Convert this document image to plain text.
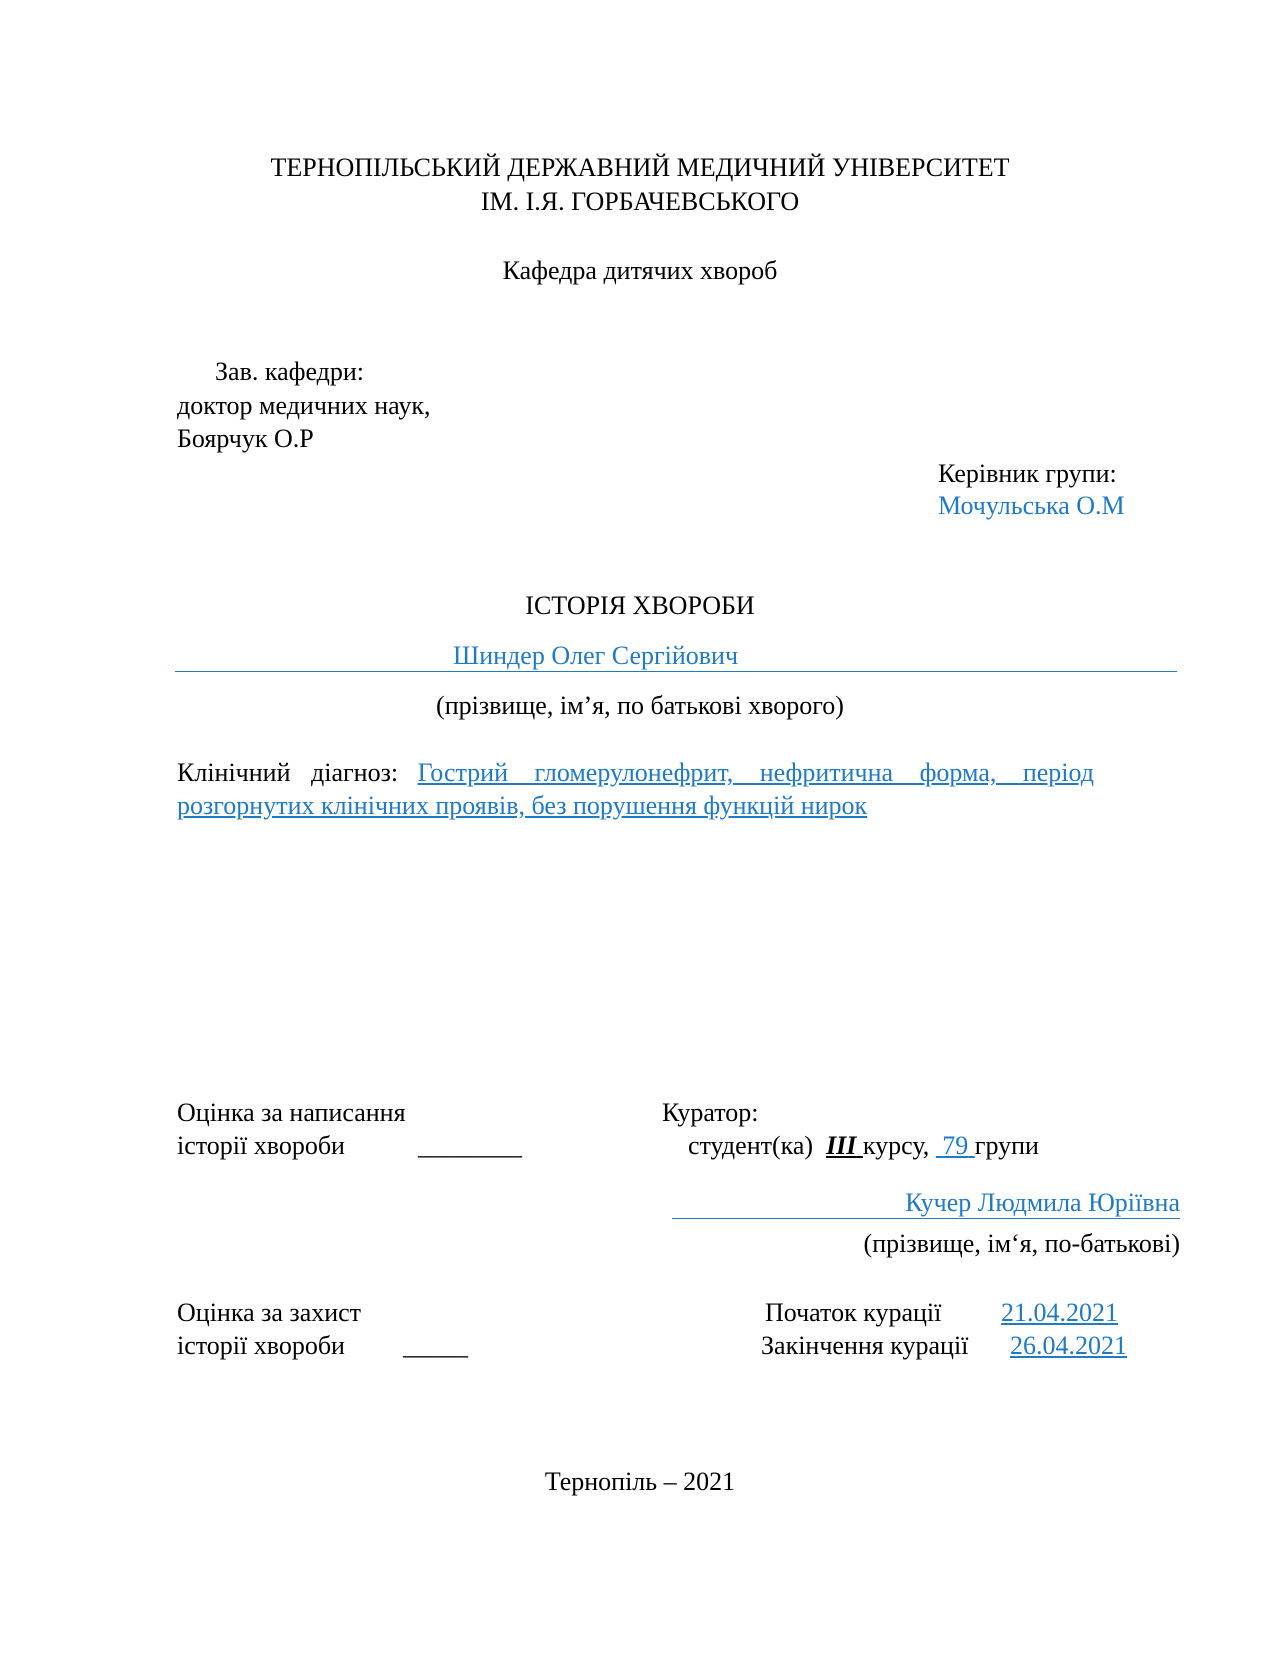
ТЕРНОПІЛЬСЬКИЙ ДЕРЖАВНИЙ МЕДИЧНИЙ УНІВЕРСИТЕТ
ІМ. І.Я. ГОРБАЧЕВСЬКОГО
Кафедра дитячих хвороб
Зав. кафедри:
доктор медичних наук,
Боярчук О.Р
Керівник групи:
Мочульська О.М
ІСТОРІЯ ХВОРОБИ
Шиндер Олег Сергійович
(прізвище, ім’я, по батькові хворого)
Клінічний діагноз: Гострий гломерулонефрит, нефритична форма, період
розгорнутих клінічних проявів, без порушення функцій нирок
Оцінка за написання
історії хвороби	________
Куратор:
студент(ка) ІІІ курсу, 79 групи
Кучер Людмила Юріївна
(прізвище, ім‘я, по-батькові)
Оцінка за захист
історії хвороби _____
Початок курації 21.04.2021
Закінчення курації 26.04.2021
Тернопіль – 2021
